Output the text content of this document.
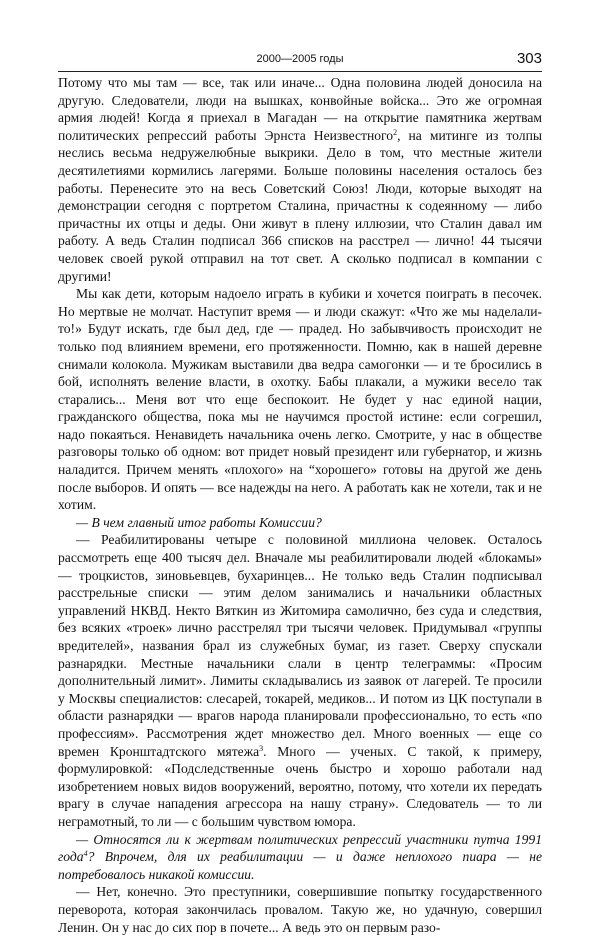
2000—2005 годы	303

Потому что мы там — все, так или иначе... Одна половина людей доносила на другую. Следователи, люди на вышках, конвойные войска... Это же огромная армия людей! Когда я приехал в Магадан — на открытие памятника жертвам политических репрессий работы Эрнста Неизвестного$^2$, на митинге из толпы неслись весьма недружелюбные выкрики. Дело в том, что местные жители десятилетиями кормились лагерями. Больше половины населения осталось без работы. Перенесите это на весь Советский Союз! Люди, которые выходят на демонстрации сегодня с портретом Сталина, причастны к содеянному — либо причастны их отцы и деды. Они живут в плену иллюзии, что Сталин давал им работу. А ведь Сталин подписал 366 списков на расстрел — лично! 44 тысячи человек своей рукой отправил на тот свет. А сколько подписал в компании с другими!

Мы как дети, которым надоело играть в кубики и хочется поиграть в песочек. Но мертвые не молчат. Наступит время — и люди скажут: «Что же мы наделали-то!» Будут искать, где был дед, где — прадед. Но забывчивость происходит не только под влиянием времени, его протяженности. Помню, как в нашей деревне снимали колокола. Мужикам выставили два ведра самогонки — и те бросились в бой, исполнять веление власти, в охотку. Бабы плакали, а мужики весело так старались... Меня вот что еще беспокоит. Не будет у нас единой нации, гражданского общества, пока мы не научимся простой истине: если согрешил, надо покаяться. Ненавидеть начальника очень легко. Смотрите, у нас в обществе разговоры только об одном: вот придет новый президент или губернатор, и жизнь наладится. Причем менять «плохого» на “хорошего» готовы на другой же день после выборов. И опять — все надежды на него. А работать как не хотели, так и не хотим.

— В чем главный итог работы Комиссии?

— Реабилитированы четыре с половиной миллиона человек. Осталось рассмотреть еще 400 тысяч дел. Вначале мы реабилитировали людей «блокамы» — троцкистов, зиновьевцев, бухаринцев... Не только ведь Сталин подписывал расстрельные списки — этим делом занимались и начальники областных управлений НКВД. Некто Вяткин из Житомира самолично, без суда и следствия, без всяких «троек» лично расстрелял три тысячи человек. Придумывал «группы вредителей», названия брал из служебных бумаг, из газет. Сверху спускали разнарядки. Местные начальники слали в центр телеграммы: «Просим дополнительный лимит». Лимиты складывались из заявок от лагерей. Те просили у Москвы специалистов: слесарей, токарей, медиков... И потом из ЦК поступали в области разнарядки — врагов народа планировали профессионально, то есть «по профессиям». Рассмотрения ждет множество дел. Много военных — еще со времен Кронштадтского мятежа$^3$. Много — ученых. С такой, к примеру, формулировкой: «Подследственные очень быстро и хорошо работали над изобретением новых видов вооружений, вероятно, потому, что хотели их передать врагу в случае нападения агрессора на нашу страну». Следователь — то ли неграмотный, то ли — с большим чувством юмора.

— Относятся ли к жертвам политических репрессий участники путча 1991 года$^4$? Впрочем, для их реабилитации — и даже неплохого пиара — не потребовалось никакой комиссии.

— Нет, конечно. Это преступники, совершившие попытку государственного переворота, которая закончилась провалом. Такую же, но удачную, совершил Ленин. Он у нас до сих пор в почете... А ведь это он первым разо-
